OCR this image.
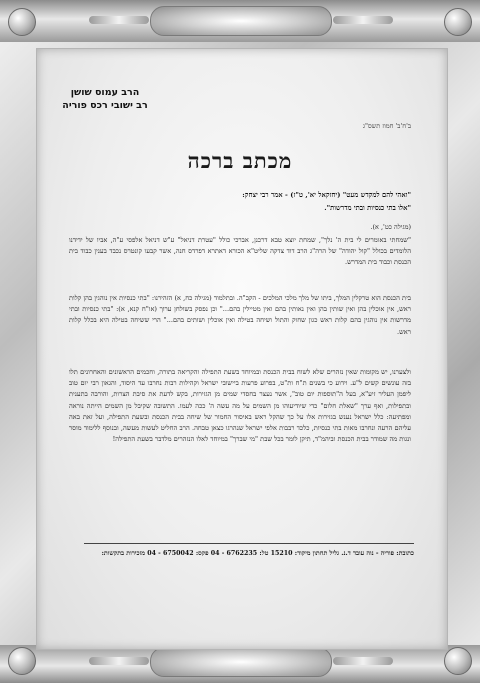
הרב עמוס שושן
רב ישובי רכס פוריה
ב'ח'ב' חמוז תשס"ג
מכתב ברכה
"ואהי להם למקדש מעט" (יחזקאל יא', ט"ז) - אמר רבי יצחק:
"אלו בתי כנסיות ובתי מדרשות".
(מגילה כט', א).
"שמחתי באומרים לי בית ה' נלך", שמחת יוצא טבא דרכנן, אברכי כולל "עטרת דניאל" ע"ש דניאל אלפסי ע"ה, אביו של ידידנו הלומדים בכולל "קול יהודה" של הרה"ג הרב דוד צדקה שליט"א הכורא דאתרא דפרדס חנה, אשר קבעו קונטרס נכבד בענין כבוד בית הכנסת וכבוד בית המדרש.
בית הכנסת הוא טרקלין המלך, ביתו של מלך מלכי המלכים - הקב"ה. ובתלמוד (מגילה כח, א) הזהירנו: "בתי כנסיות אין נוהגין בהן קלות ראש, אין אוכלין בהן ואין שותין בהן ואין נאותין בהם ואין מטיילין בהם..." וכן נפסק בשולחן ערוך (או"ח קנא, א): "בתי כנסיות ובתי מדרשות אין נוהגין בהם קלות ראש כגון שחוק והתול ושיחה בטילה ואין אוכלין ושותים בהם..." הרי ששיחה בטילה היא בכלל קלות ראש.
ולצערנו, יש מקומות שאין נזהרים שלא לשוח בבית הכנסת ובמיוחד בשעת התפילה והקריאה בתורה, וחכמים הראשונים והאחרונים תלו בזה עונשים קשים ל"ע. וידוע כי בשנים ת"ח ות"ט, בפרוע פרעות ביישובי ישראל וקהילות רבות נחרבו עד היסוד, והגאון רבי יום טוב ליפמן העליר זיע"א, בעל ה"תוספות יום טוב", אשר נעצר בחסדי שמים מן הגזירות, בקש לדעת את סיבת הצרות, והורבה בתענית ובתפילות, ואף ערך "שאלת חלום" כדי שיודיעוהו מן השמים על מה עשה ה' ככה לעמו. התשובה שקיבל מן השמים הייתה נוראה ומפתיעה: כלל ישראל נענש בגזירות אלו על כך שהקל ראש באיסור החמור של שיחה בבית הכנסת ובשעת התפילה, ועל זאת באה עליהם הרעה ונחרבו מאות בתי כנסיות, כלכד רבבות אלפי ישראל שנהרגו כצאן טבחה. הרב החליט לעשות מעשה, ובנוסף ללימוד מוסר ונגות מה שמודר בבית הכנסת וביהמ"ד, תיקן לומר בכל שבת "מי שברך" במיוחד לאלו הנזהרים מלדבר בשעת התפילה!
כתובת: פוריה - נוה עובד ד.נ. גליל תחתון מיקוד: 15210 טל: 6762235 - 04 פקס: 6750042 - 04 מזכירות בתקשות:
